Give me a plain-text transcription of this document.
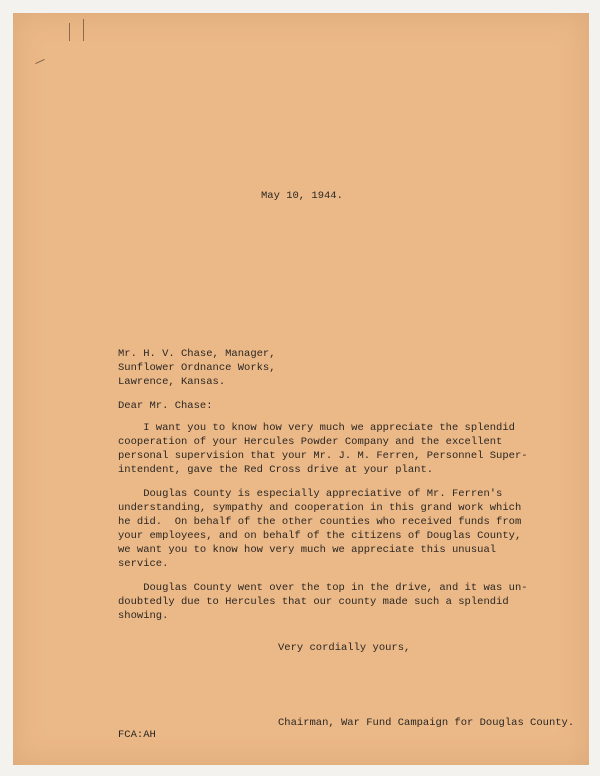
May 10, 1944.
Mr. H. V. Chase, Manager,
Sunflower Ordnance Works,
Lawrence, Kansas.
Dear Mr. Chase:
I want you to know how very much we appreciate the splendid
cooperation of your Hercules Powder Company and the excellent
personal supervision that your Mr. J. M. Ferren, Personnel Super-
intendent, gave the Red Cross drive at your plant.
Douglas County is especially appreciative of Mr. Ferren's
understanding, sympathy and cooperation in this grand work which
he did.  On behalf of the other counties who received funds from
your employees, and on behalf of the citizens of Douglas County,
we want you to know how very much we appreciate this unusual
service.
Douglas County went over the top in the drive, and it was un-
doubtedly due to Hercules that our county made such a splendid
showing.
Very cordially yours,
Chairman, War Fund Campaign for Douglas County.
FCA:AH
